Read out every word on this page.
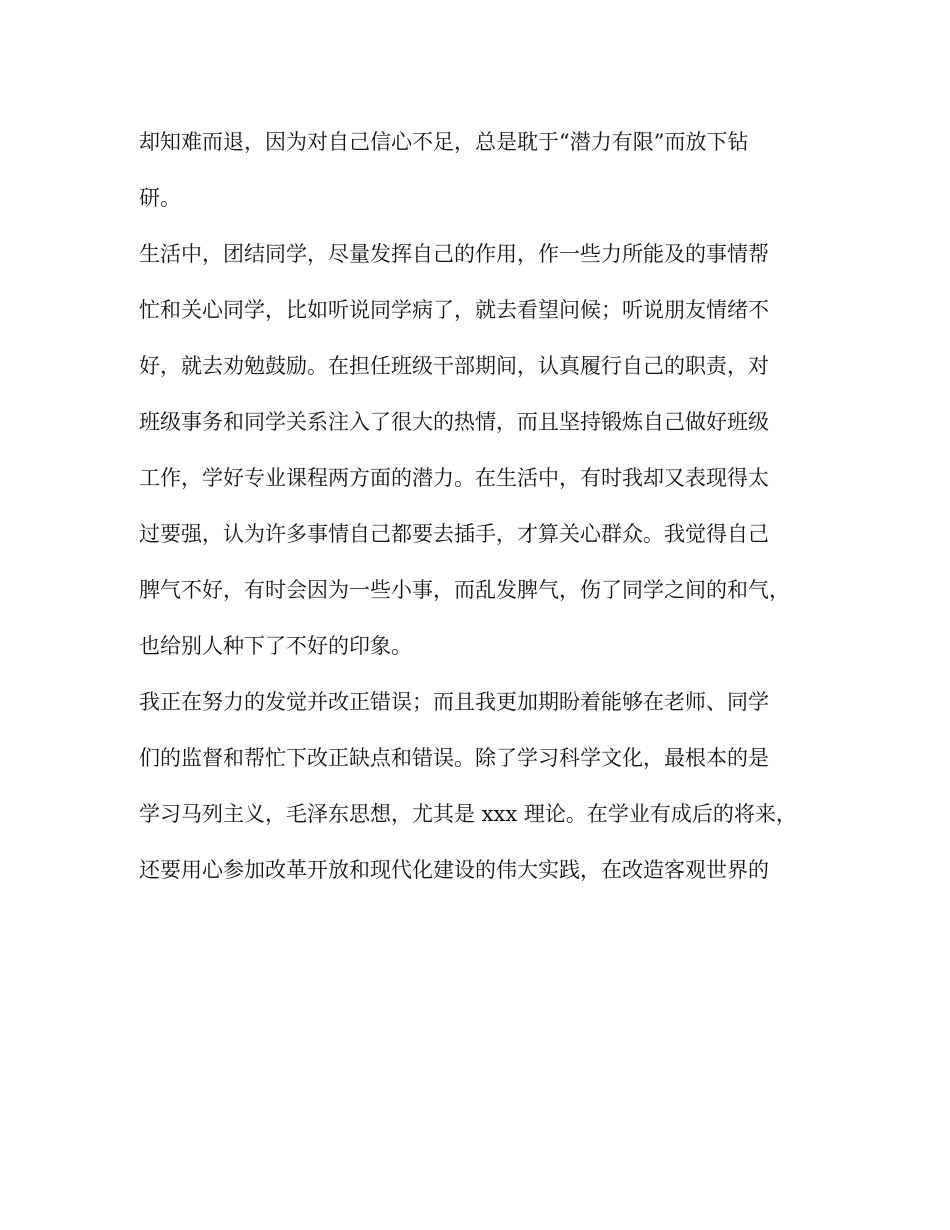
却知难而退，因为对自己信心不足，总是耽于“潜力有限”而放下钻
研。
生活中，团结同学，尽量发挥自己的作用，作一些力所能及的事情帮
忙和关心同学，比如听说同学病了，就去看望问候；听说朋友情绪不
好，就去劝勉鼓励。在担任班级干部期间，认真履行自己的职责，对
班级事务和同学关系注入了很大的热情，而且坚持锻炼自己做好班级
工作，学好专业课程两方面的潜力。在生活中，有时我却又表现得太
过要强，认为许多事情自己都要去插手，才算关心群众。我觉得自己
脾气不好，有时会因为一些小事，而乱发脾气，伤了同学之间的和气，
也给别人种下了不好的印象。
我正在努力的发觉并改正错误；而且我更加期盼着能够在老师、同学
们的监督和帮忙下改正缺点和错误。除了学习科学文化，最根本的是
学习马列主义，毛泽东思想，尤其是 xxx 理论。在学业有成后的将来，
还要用心参加改革开放和现代化建设的伟大实践，在改造客观世界的
